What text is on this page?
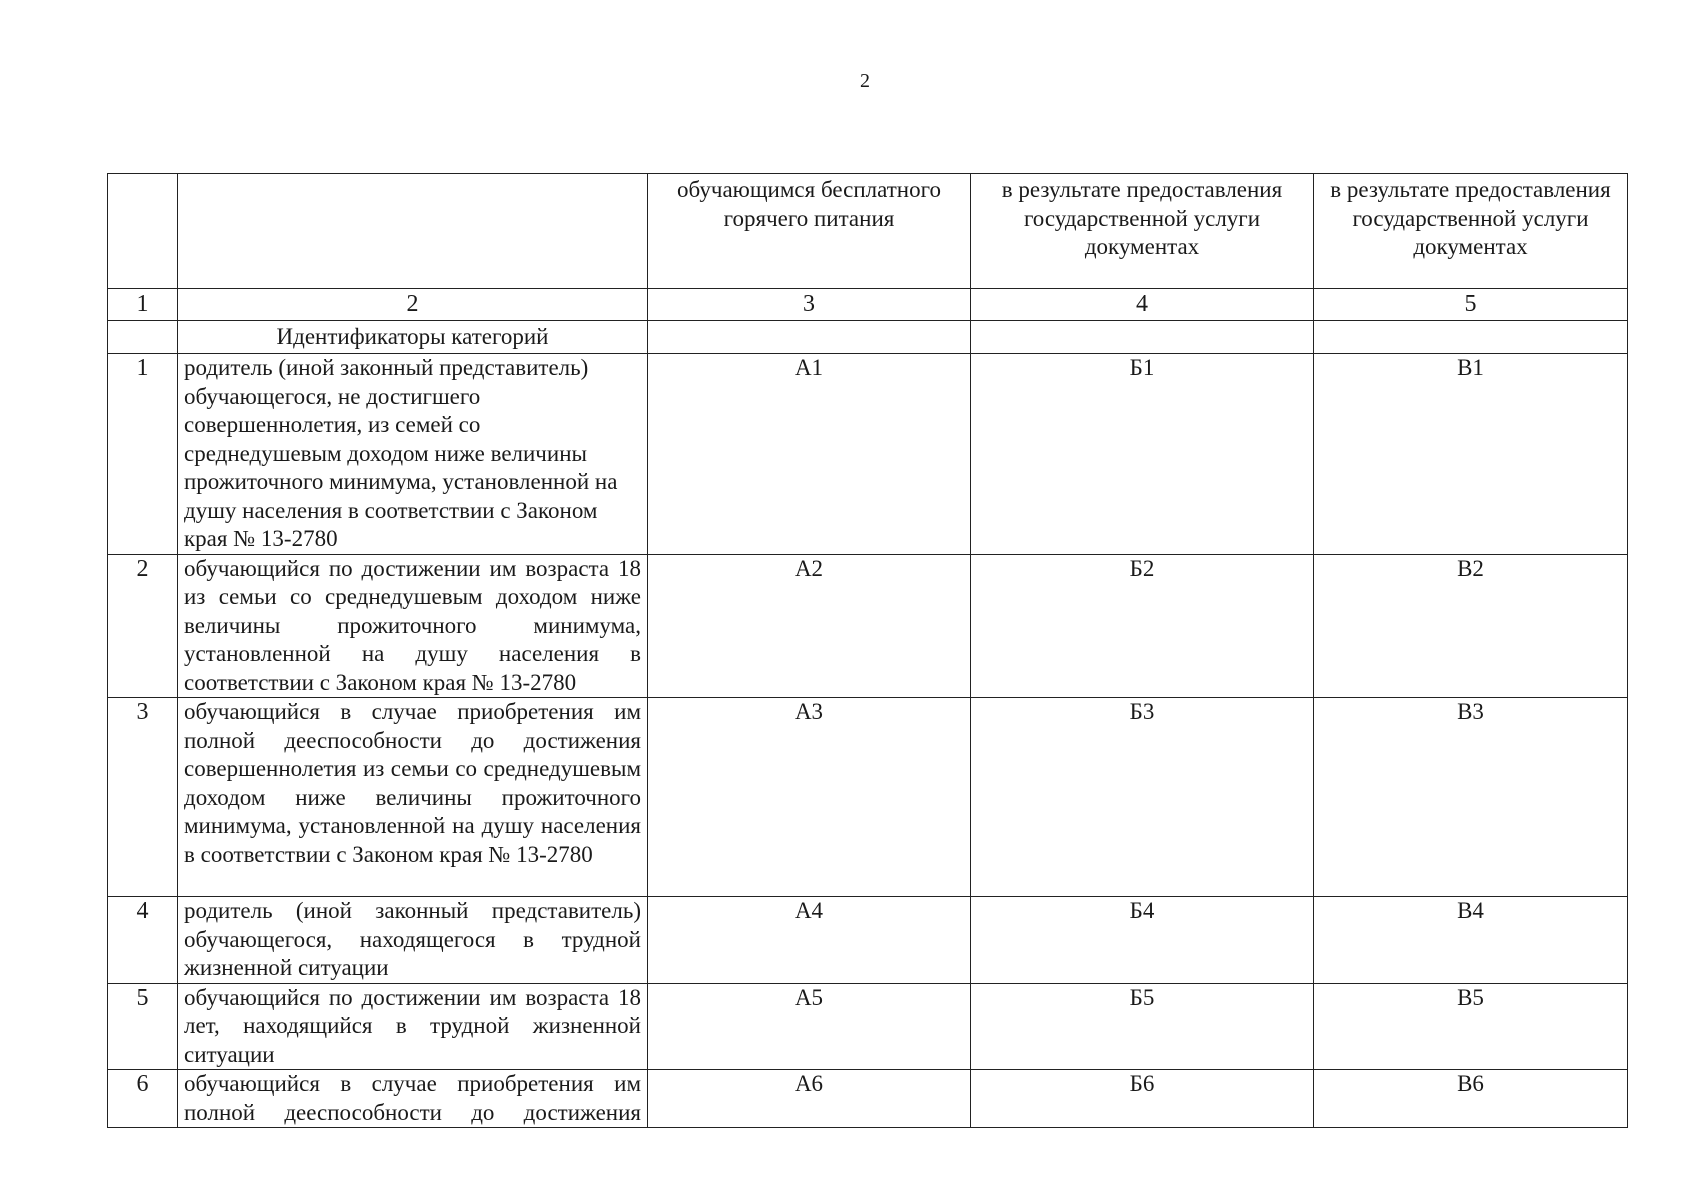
2
		обучающимся бесплатного горячего питания	в результате предоставления государственной услуги документах	в результате предоставления государственной услуги документах
1	2	3	4	5
	Идентификаторы категорий			
1	родитель (иной законный представитель) обучающегося, не достигшего совершеннолетия, из семей со среднедушевым доходом ниже величины прожиточного минимума, установленной на душу населения в соответствии с Законом края № 13-2780	А1	Б1	В1
2	обучающийся по достижении им возраста 18 из семьи со среднедушевым доходом ниже величины прожиточного минимума, установленной на душу населения в соответствии с Законом края № 13-2780	А2	Б2	В2
3	обучающийся в случае приобретения им полной дееспособности до достижения совершеннолетия из семьи со среднедушевым доходом ниже величины прожиточного минимума, установленной на душу населения в соответствии с Законом края № 13-2780	А3	Б3	В3
4	родитель (иной законный представитель) обучающегося, находящегося в трудной жизненной ситуации	А4	Б4	В4
5	обучающийся по достижении им возраста 18 лет, находящийся в трудной жизненной ситуации	А5	Б5	В5
6	обучающийся в случае приобретения им полной дееспособности до достижения	А6	Б6	В6
